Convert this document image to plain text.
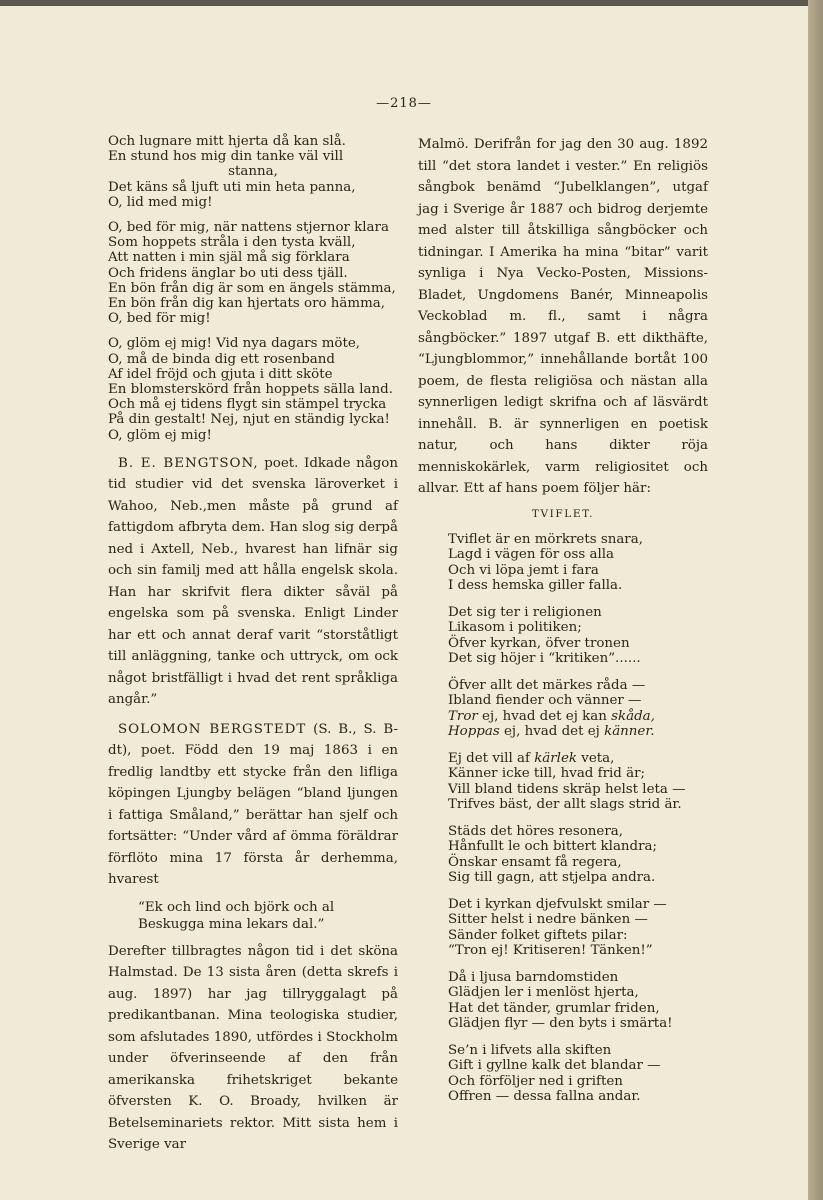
—218—
Och lugnare mitt hjerta då kan slå.
En stund hos mig din tanke väl vill
stanna,
Det käns så ljuft uti min heta panna,
O, lid med mig!
O, bed för mig, när nattens stjernor klara
Som hoppets stråla i den tysta kväll,
Att natten i min själ må sig förklara
Och fridens änglar bo uti dess tjäll.
En bön från dig är som en ängels stämma,
En bön från dig kan hjertats oro hämma,
O, bed för mig!
O, glöm ej mig! Vid nya dagars möte,
O, må de binda dig ett rosenband
Af idel fröjd och gjuta i ditt sköte
En blomsterskörd från hoppets sälla land.
Och må ej tidens flygt sin stämpel trycka
På din gestalt! Nej, njut en ständig lycka!
O, glöm ej mig!

B. E. BENGTSON, poet. Idkade någon tid studier vid det svenska läroverket i Wahoo, Neb.,men måste på grund af fattigdom afbryta dem. Han slog sig derpå ned i Axtell, Neb., hvarest han lifnär sig och sin familj med att hålla engelsk skola. Han har skrifvit flera dikter såväl på engelska som på svenska. Enligt Linder har ett och annat deraf varit “storståtligt till anläggning, tanke och uttryck, om ock något bristfälligt i hvad det rent språkliga angår.”

SOLOMON BERGSTEDT (S. B., S. B-dt), poet. Född den 19 maj 1863 i en fredlig landtby ett stycke från den lifliga köpingen Ljungby belägen “bland ljungen i fattiga Småland,” berättar han sjelf och fortsätter: “Under vård af ömma föräldrar förflöto mina 17 första år derhemma, hvarest

“Ek och lind och björk och al
Beskugga mina lekars dal.”

Derefter tillbragtes någon tid i det sköna Halmstad. De 13 sista åren (detta skrefs i aug. 1897) har jag tillryggalagt på predikantbanan. Mina teologiska studier, som afslutades 1890, utfördes i Stockholm under öfverinseende af den från amerikanska frihetskriget bekante öfversten K. O. Broady, hvilken är Betelseminariets rektor. Mitt sista hem i Sverige var

Malmö. Derifrån for jag den 30 aug. 1892 till “det stora landet i vester.” En religiös sångbok benämd “Jubelklangen”, utgaf jag i Sverige år 1887 och bidrog derjemte med alster till åtskilliga sångböcker och tidningar. I Amerika ha mina “bitar” varit synliga i Nya Vecko-Posten, Missions-Bladet, Ungdomens Banér, Minneapolis Veckoblad m. fl., samt i några sångböcker.” 1897 utgaf B. ett dikthäfte, “Ljungblommor,” innehållande bortåt 100 poem, de flesta religiösa och nästan alla synnerligen ledigt skrifna och af läsvärdt innehåll. B. är synnerligen en poetisk natur, och hans dikter röja menniskokärlek, varm religiositet och allvar. Ett af hans poem följer här:

TVIFLET.
Tviflet är en mörkrets snara,
Lagd i vägen för oss alla
Och vi löpa jemt i fara
I dess hemska giller falla.
Det sig ter i religionen
Likasom i politiken;
Öfver kyrkan, öfver tronen
Det sig höjer i “kritiken”......
Öfver allt det märkes råda —
Ibland fiender och vänner —
Tror ej, hvad det ej kan skåda,
Hoppas ej, hvad det ej känner.
Ej det vill af kärlek veta,
Känner icke till, hvad frid är;
Vill bland tidens skräp helst leta —
Trifves bäst, der allt slags strid är.
Städs det höres resonera,
Hånfullt le och bittert klandra;
Önskar ensamt få regera,
Sig till gagn, att stjelpa andra.
Det i kyrkan djefvulskt smilar —
Sitter helst i nedre bänken —
Sänder folket giftets pilar:
“Tron ej! Kritiseren! Tänken!”
Då i ljusa barndomstiden
Glädjen ler i menlöst hjerta,
Hat det tänder, grumlar friden,
Glädjen flyr — den byts i smärta!
Se’n i lifvets alla skiften
Gift i gyllne kalk det blandar —
Och förföljer ned i griften
Offren — dessa fallna andar.
